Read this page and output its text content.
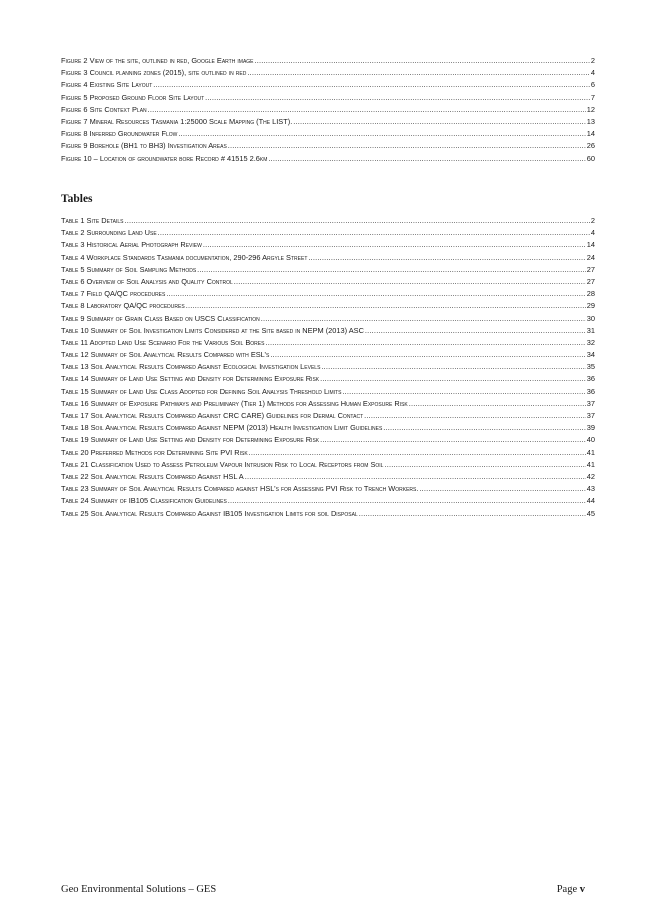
Figure 2 View of the site, outlined in red, Google Earth image .....	2
Figure 3 Council planning zones (2015), site outlined in red .....	4
Figure 4 Existing Site Layout .....	6
Figure 5 Proposed Ground Floor Site Layout .....	7
Figure 6 Site Context Plan .....	12
Figure 7 Mineral Resources Tasmania 1:25000 Scale Mapping (The LIST). .....	13
Figure 8 Inferred Groundwater Flow .....	14
Figure 9 Borehole (BH1 to BH3) Investigation Areas .....	26
Figure 10 – Location of groundwater bore Record # 41515 2.6km .....	60
Tables
Table 1 Site Details .....	2
Table 2 Surrounding Land Use .....	4
Table 3 Historical Aerial Photograph Review .....	14
Table 4 Workplace Standards Tasmania documentation, 290-296 Argyle Street .....	24
Table 5 Summary of Soil Sampling Methods .....	27
Table 6 Overview of Soil Analysis and Quality Control .....	27
Table 7 Field QA/QC procedures .....	28
Table 8 Laboratory QA/QC procedures .....	29
Table 9 Summary of Grain Class Based on USCS Classification .....	30
Table 10 Summary of Soil Investigation Limits Considered at the Site based in NEPM (2013) ASC .....	31
Table 11 Adopted Land Use Scenario For the Various Soil Bores .....	32
Table 12 Summary of Soil Analytical Results Compared with ESL’s .....	34
Table 13 Soil Analytical Results Compared Against Ecological Investigation Levels .....	35
Table 14 Summary of Land Use Setting and Density for Determining Exposure Risk .....	36
Table 15 Summary of Land Use Class Adopted for Defining Soil Analysis Threshold Limits .....	36
Table 16 Summary of Exposure Pathways and Preliminary (Tier 1) Methods for Assessing Human Exposure Risk .....	37
Table 17 Soil Analytical Results Compared Against CRC CARE) Guidelines for Dermal Contact .....	37
Table 18 Soil Analytical Results Compared Against NEPM (2013) Health Investigation Limit Guidelines .....	39
Table 19 Summary of Land Use Setting and Density for Determining Exposure Risk .....	40
Table 20 Preferred Methods for Determining Site PVI Risk .....	41
Table 21 Classification Used to Assess Petroleum Vapour Intrusion Risk to Local Receptors from Soil .....	41
Table 22 Soil Analytical Results Compared Against HSL A .....	42
Table 23 Summary of Soil Analytical Results Compared against HSL’s for Assessing PVI Risk to Trench Workers. .....	43
Table 24 Summary of IB105 Classification Guidelines .....	44
Table 25 Soil Analytical Results Compared Against IB105 Investigation Limits for soil Disposal .....	45
Geo Environmental Solutions – GES	Page v
